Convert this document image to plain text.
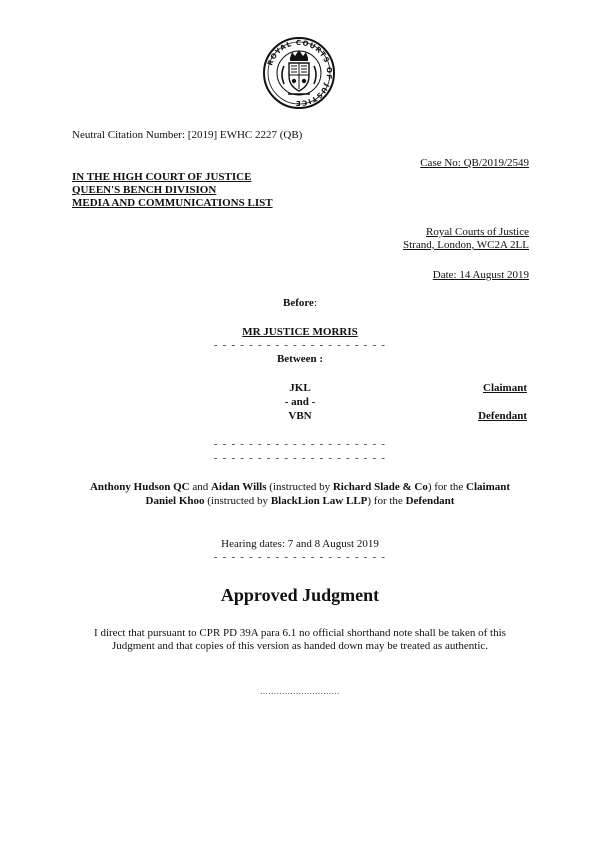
ROYAL COURTS OF JUSTICE
Neutral Citation Number: [2019] EWHC 2227 (QB)
Case No: QB/2019/2549
IN THE HIGH COURT OF JUSTICE
QUEEN'S BENCH DIVISION
MEDIA AND COMMUNICATIONS LIST
Royal Courts of Justice
Strand, London, WC2A 2LL
Date: 14 August 2019
Before:
MR JUSTICE MORRIS
- - - - - - - - - - - - - - - - - - - -
Between :
JKL
- and -
VBN
Claimant
Defendant
- - - - - - - - - - - - - - - - - - - -
- - - - - - - - - - - - - - - - - - - -
Anthony Hudson QC and Aidan Wills (instructed by Richard Slade & Co) for the Claimant
Daniel Khoo (instructed by BlackLion Law LLP) for the Defendant
Hearing dates: 7 and 8 August 2019
- - - - - - - - - - - - - - - - - - - -
Approved Judgment
I direct that pursuant to CPR PD 39A para 6.1 no official shorthand note shall be taken of this
Judgment and that copies of this version as handed down may be treated as authentic.
.............................
